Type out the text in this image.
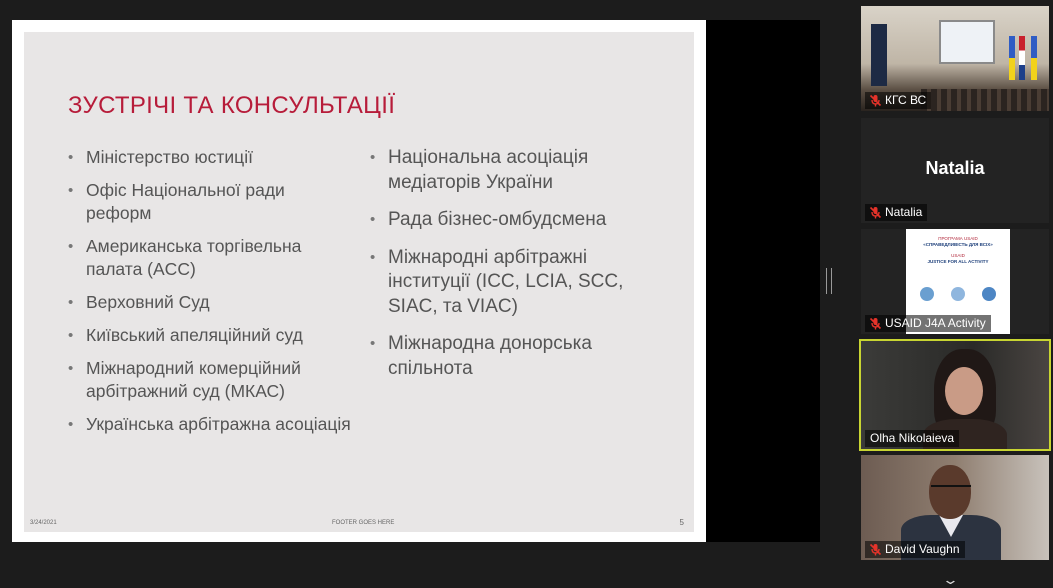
ЗУСТРІЧІ ТА КОНСУЛЬТАЦІЇ
• Міністерство юстиції
• Офіс Національної ради реформ
• Американська торгівельна палата (ACC)
• Верховний Суд
• Київський апеляційний суд
• Міжнародний комерційний арбітражний суд (МКАС)
• Українська арбітражна асоціація
• Національна асоціація медіаторів України
• Рада бізнес-омбудсмена
• Міжнародні арбітражні інституції (ICC, LCIA, SCC, SIAC, та VIAC)
• Міжнародна донорська спільнота
3/24/2021	FOOTER GOES HERE	5
КГС ВС
Natalia
Natalia
ПРОГРАМА USAID
«СПРАВЕДЛИВІСТЬ ДЛЯ ВСІХ»
USAID
JUSTICE FOR ALL ACTIVITY
USAID J4A Activity
Olha Nikolaieva
David Vaughn
⌄
